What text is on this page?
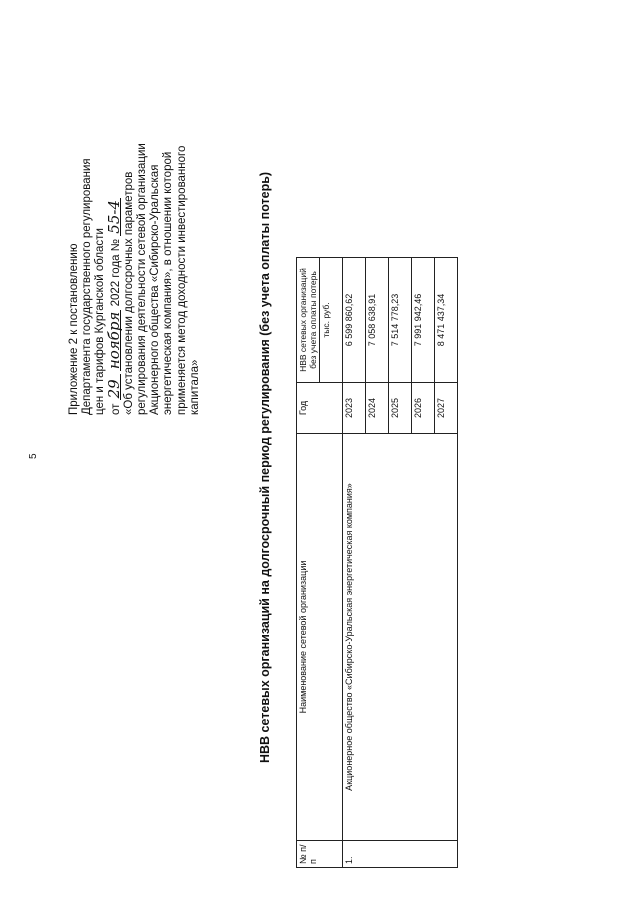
5
Приложение 2 к постановлению Департамента государственного регулирования цен и тарифов Курганской области от 29 ноября 2022 года № 55-4 «Об установлении долгосрочных параметров регулирования деятельности сетевой организации Акционерного общества «Сибирско-Уральская энергетическая компания», в отношении которой применяется метод доходности инвестированного капитала»	НВВ сетевых организаций на долгосрочный период регулирования (без учета оплаты потерь)
№ п/п	Наименование сетевой организации	Год	НВВ сетевых организаций без учета оплаты потерь
			тыс. руб.
1.	Акционерное общество «Сибирско-Уральская энергетическая компания»	2023	6 599 860,62
		2024	7 058 638,91
		2025	7 514 778,23
		2026	7 991 942,46
		2027	8 471 437,34
